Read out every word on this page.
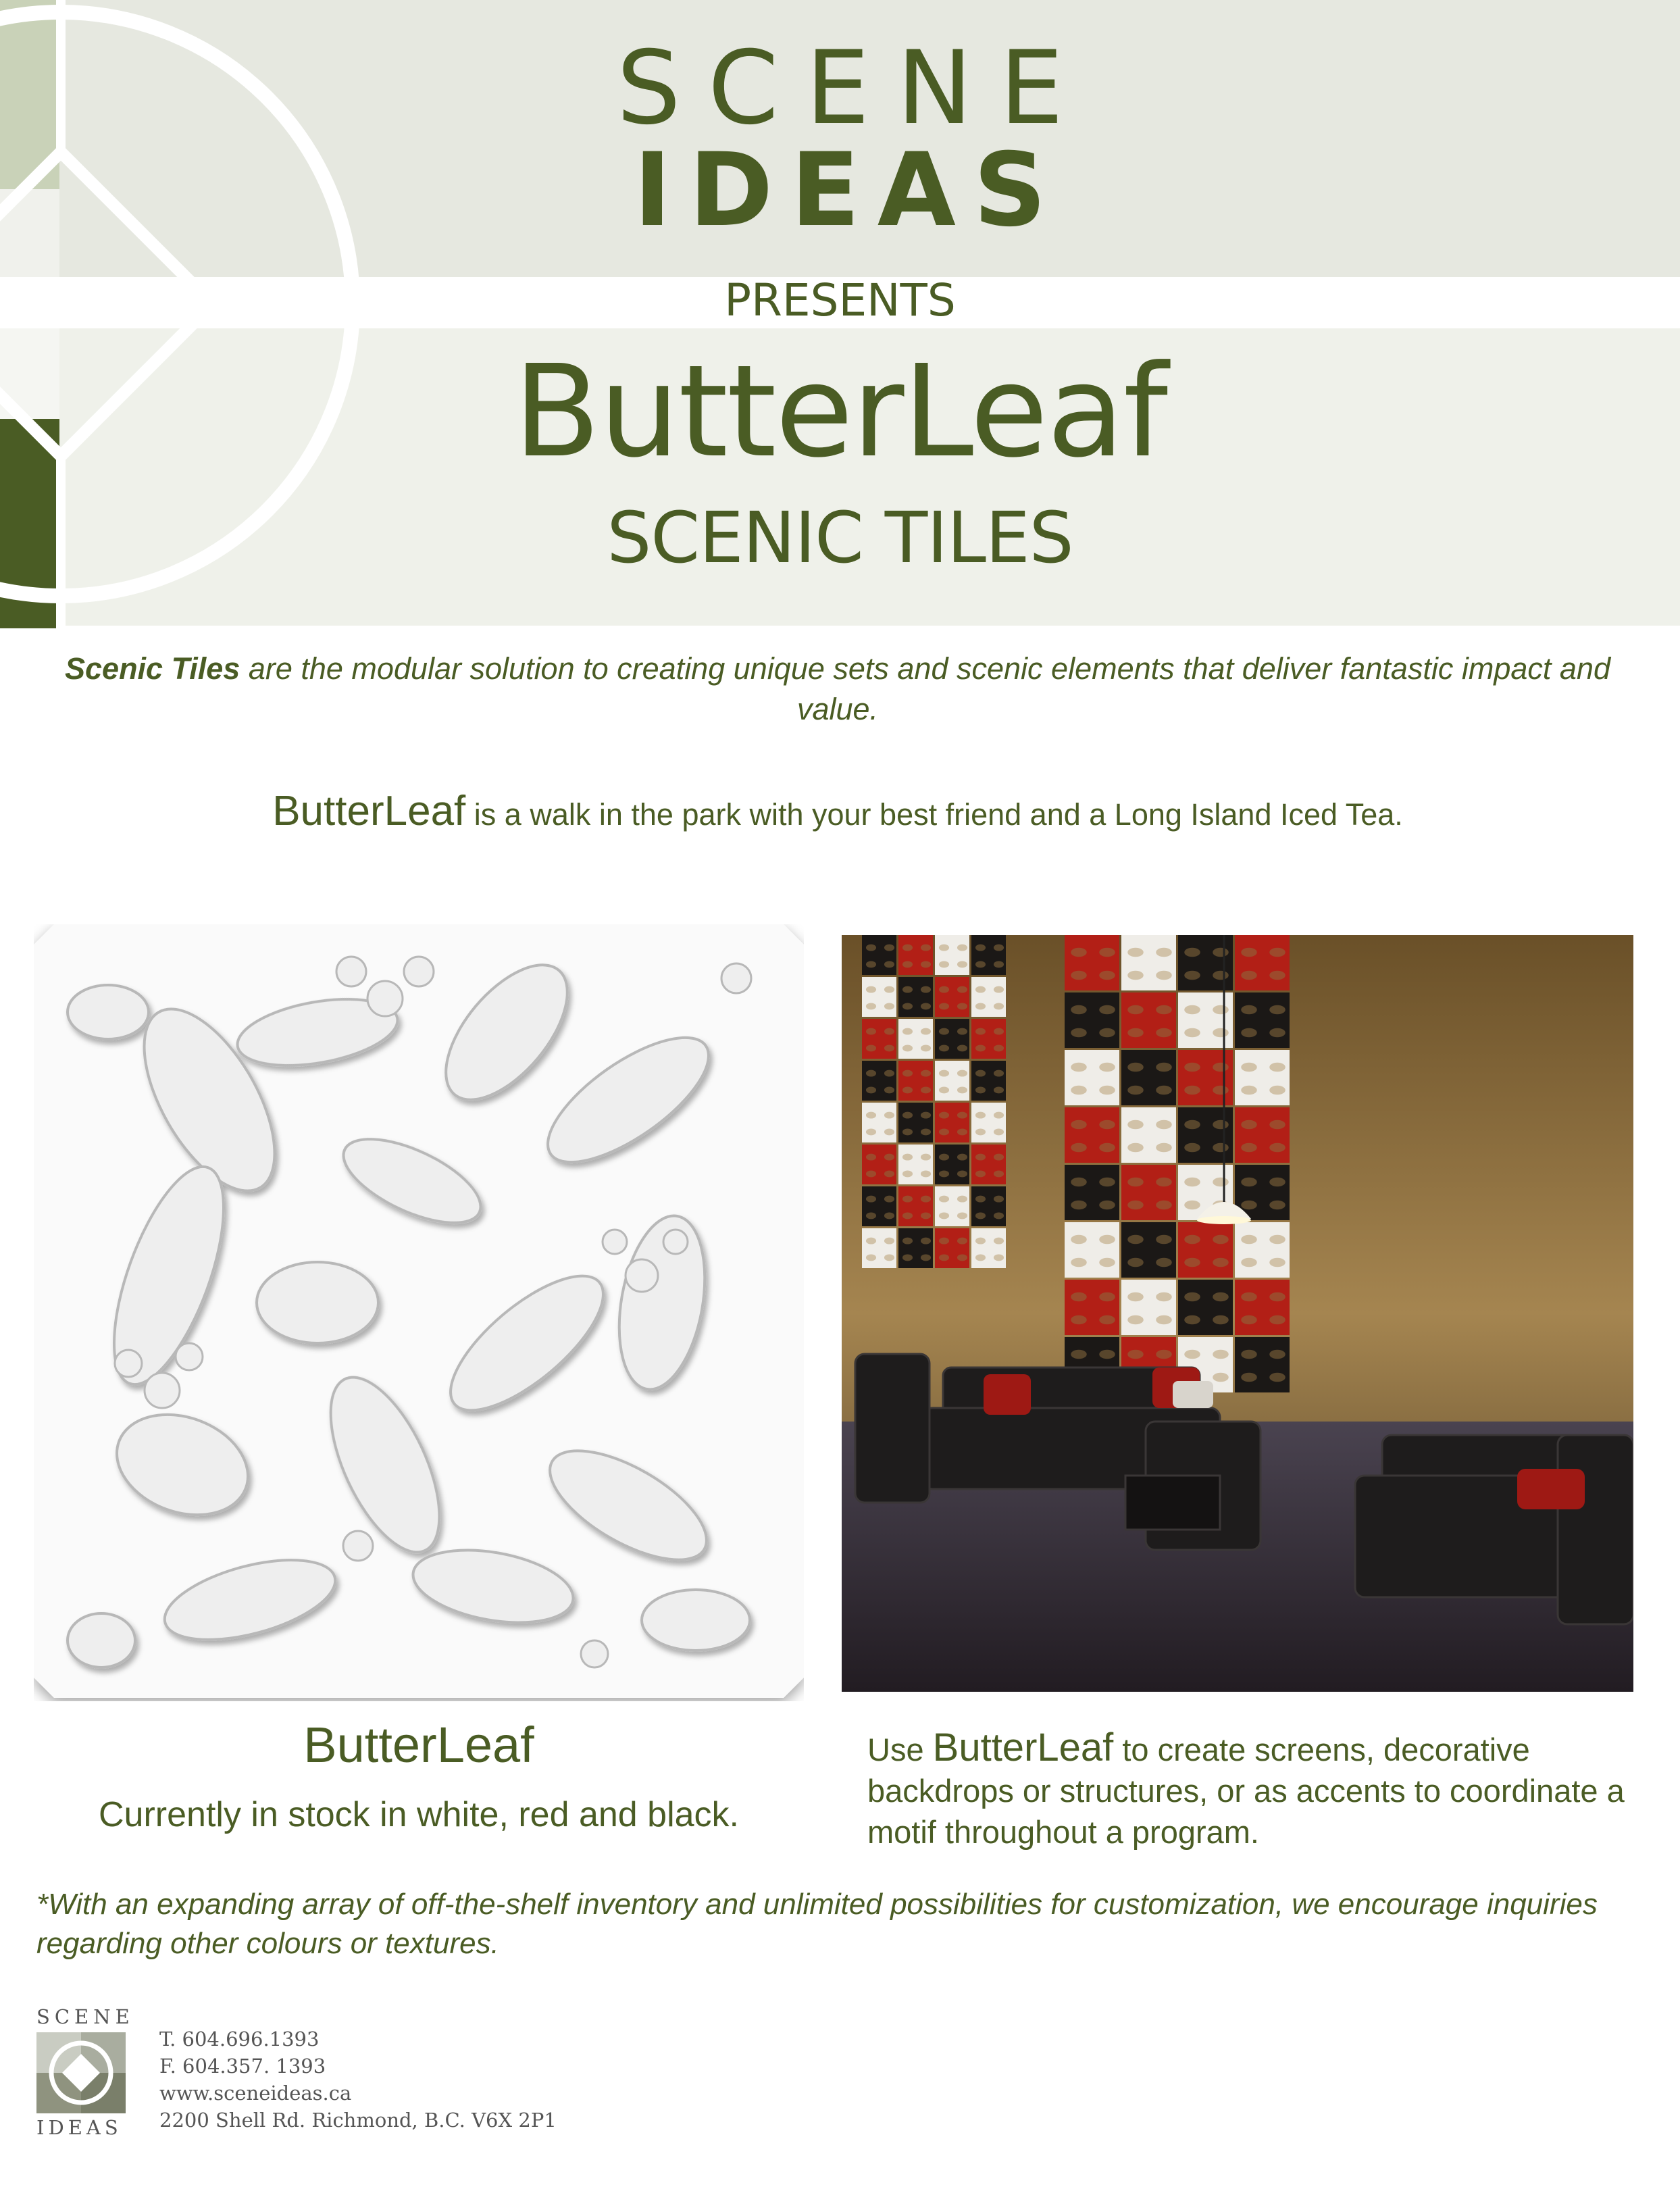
SCENE
IDEAS
PRESENTS
ButterLeaf
SCENIC TILES
Scenic Tiles are the modular solution to creating unique sets and scenic elements that deliver fantastic impact and value.
ButterLeaf is a walk in the park with your best friend and a Long Island Iced Tea.
ButterLeaf
Currently in stock in white, red and black.
Use ButterLeaf to create screens, decorative backdrops or structures, or as accents to coordinate a motif throughout a program.
*With an expanding array of off-the-shelf inventory and unlimited possibilities for customization, we encourage inquiries regarding other colours or textures.
SCENE
IDEAS
T. 604.696.1393
F. 604.357. 1393
www.sceneideas.ca
2200 Shell Rd. Richmond, B.C. V6X 2P1
